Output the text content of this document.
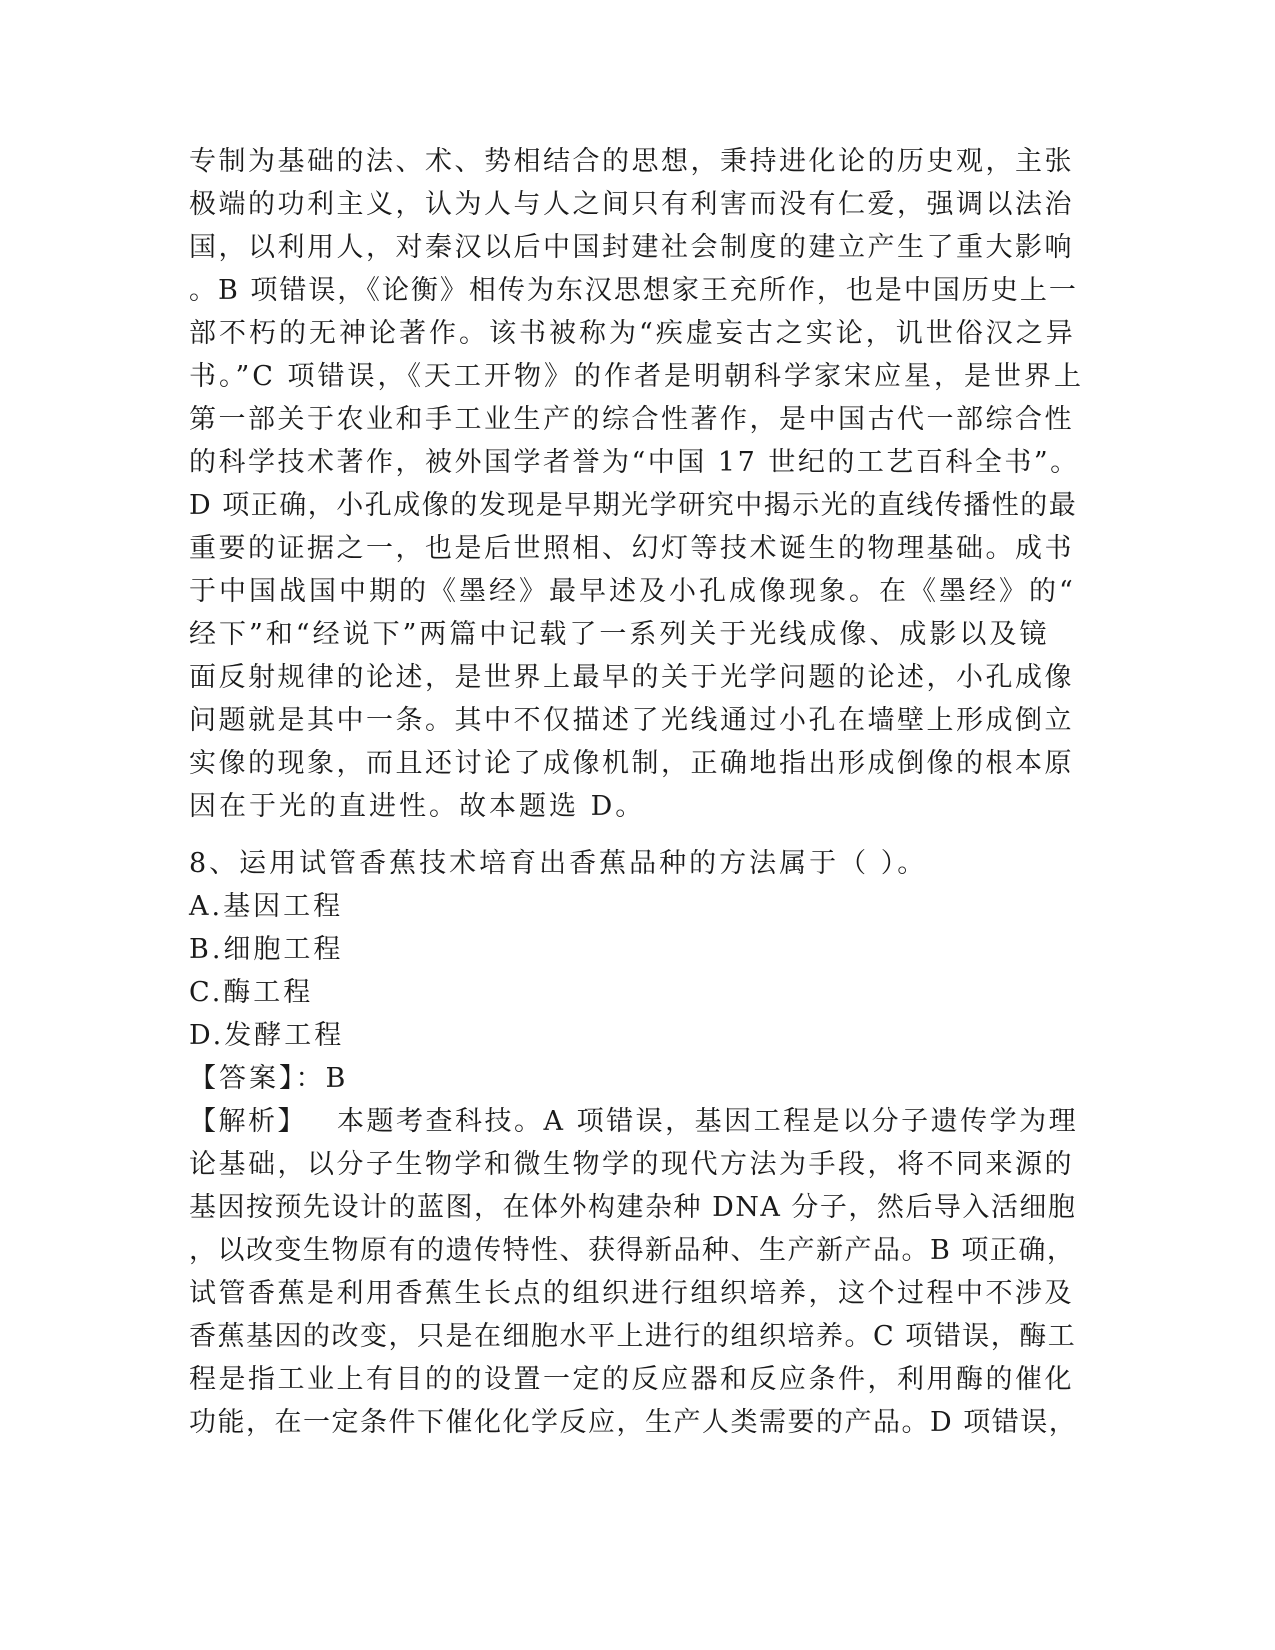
专制为基础的法、术、势相结合的思想，秉持进化论的历史观，主张
极端的功利主义，认为人与人之间只有利害而没有仁爱，强调以法治
国，以利用人，对秦汉以后中国封建社会制度的建立产生了重大影响
。B 项错误，《论衡》相传为东汉思想家王充所作，也是中国历史上一
部不朽的无神论著作。该书被称为“疾虚妄古之实论，讥世俗汉之异
书。”C 项错误，《天工开物》的作者是明朝科学家宋应星，是世界上
第一部关于农业和手工业生产的综合性著作，是中国古代一部综合性
的科学技术著作，被外国学者誉为“中国 17 世纪的工艺百科全书”。
D 项正确，小孔成像的发现是早期光学研究中揭示光的直线传播性的最
重要的证据之一，也是后世照相、幻灯等技术诞生的物理基础。成书
于中国战国中期的《墨经》最早述及小孔成像现象。在《墨经》的“
经下”和“经说下”两篇中记载了一系列关于光线成像、成影以及镜
面反射规律的论述，是世界上最早的关于光学问题的论述，小孔成像
问题就是其中一条。其中不仅描述了光线通过小孔在墙壁上形成倒立
实像的现象，而且还讨论了成像机制，正确地指出形成倒像的根本原
因在于光的直进性。故本题选 D。
8、运用试管香蕉技术培育出香蕉品种的方法属于（ ）。
A.基因工程
B.细胞工程
C.酶工程
D.发酵工程
【答案】：B
【解析】 本题考查科技。A 项错误，基因工程是以分子遗传学为理
论基础，以分子生物学和微生物学的现代方法为手段，将不同来源的
基因按预先设计的蓝图，在体外构建杂种 DNA 分子，然后导入活细胞
，以改变生物原有的遗传特性、获得新品种、生产新产品。B 项正确，
试管香蕉是利用香蕉生长点的组织进行组织培养，这个过程中不涉及
香蕉基因的改变，只是在细胞水平上进行的组织培养。C 项错误，酶工
程是指工业上有目的的设置一定的反应器和反应条件，利用酶的催化
功能，在一定条件下催化化学反应，生产人类需要的产品。D 项错误，
